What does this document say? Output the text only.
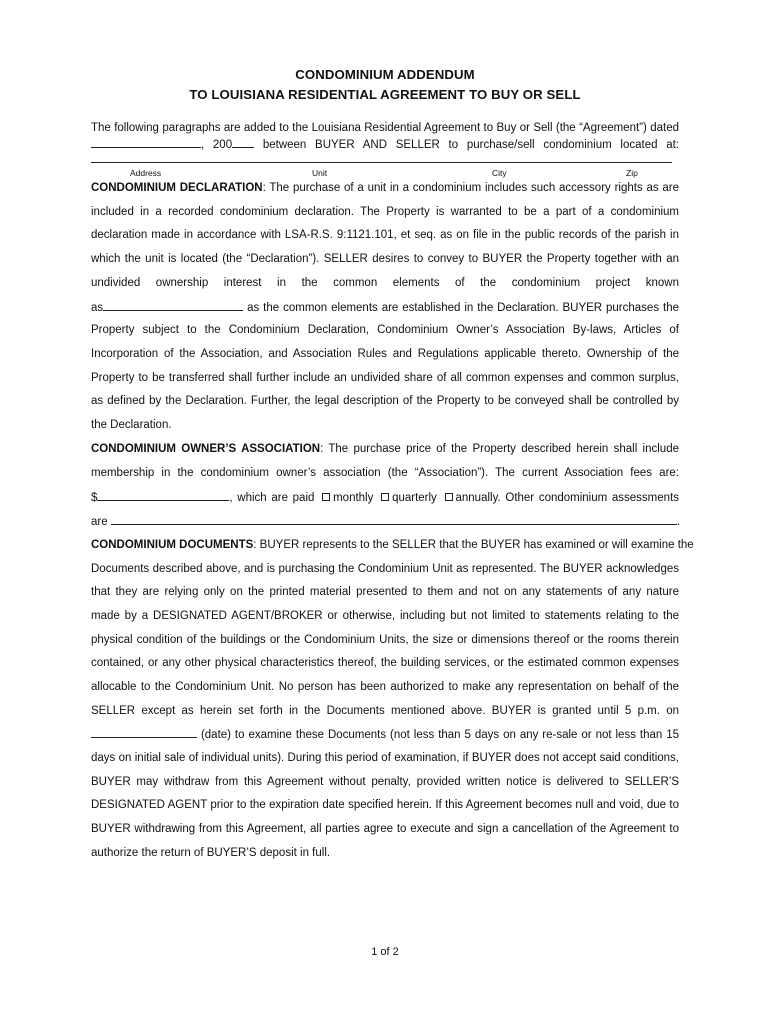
CONDOMINIUM ADDENDUM
TO LOUISIANA RESIDENTIAL AGREEMENT TO BUY OR SELL
The following paragraphs are added to the Louisiana Residential Agreement to Buy or Sell (the “Agreement”) dated
, 200	between BUYER AND SELLER to purchase/sell condominium located at:
Address	Unit	City	Zip
CONDOMINIUM DECLARATION: The purchase of a unit in a condominium includes such accessory rights as are
included in a recorded condominium declaration. The Property is warranted to be a part of a condominium
declaration made in accordance with LSA-R.S. 9:1121.101, et seq. as on file in the public records of the parish in
which the unit is located (the “Declaration”). SELLER desires to convey to BUYER the Property together with an
undivided ownership interest in the common elements of the condominium project known
as	as the common elements are established in the Declaration. BUYER purchases the
Property subject to the Condominium Declaration, Condominium Owner’s Association By-laws, Articles of
Incorporation of the Association, and Association Rules and Regulations applicable thereto. Ownership of the
Property to be transferred shall further include an undivided share of all common expenses and common surplus,
as defined by the Declaration. Further, the legal description of the Property to be conveyed shall be controlled by
the Declaration.
CONDOMINIUM OWNER’S ASSOCIATION: The purchase price of the Property described herein shall include
membership in the condominium owner’s association (the “Association”). The current Association fees are:
$	, which are paid monthly quarterly annually. Other condominium assessments
are	.
CONDOMINIUM DOCUMENTS: BUYER represents to the SELLER that the BUYER has examined or will examine the
Documents described above, and is purchasing the Condominium Unit as represented. The BUYER acknowledges
that they are relying only on the printed material presented to them and not on any statements of any nature
made by a DESIGNATED AGENT/BROKER or otherwise, including but not limited to statements relating to the
physical condition of the buildings or the Condominium Units, the size or dimensions thereof or the rooms therein
contained, or any other physical characteristics thereof, the building services, or the estimated common expenses
allocable to the Condominium Unit. No person has been authorized to make any representation on behalf of the
SELLER except as herein set forth in the Documents mentioned above. BUYER is granted until 5 p.m. on
(date) to examine these Documents (not less than 5 days on any re-sale or not less than 15
days on initial sale of individual units). During this period of examination, if BUYER does not accept said conditions,
BUYER may withdraw from this Agreement without penalty, provided written notice is delivered to SELLER’S
DESIGNATED AGENT prior to the expiration date specified herein. If this Agreement becomes null and void, due to
BUYER withdrawing from this Agreement, all parties agree to execute and sign a cancellation of the Agreement to
authorize the return of BUYER’S deposit in full.
1 of 2
